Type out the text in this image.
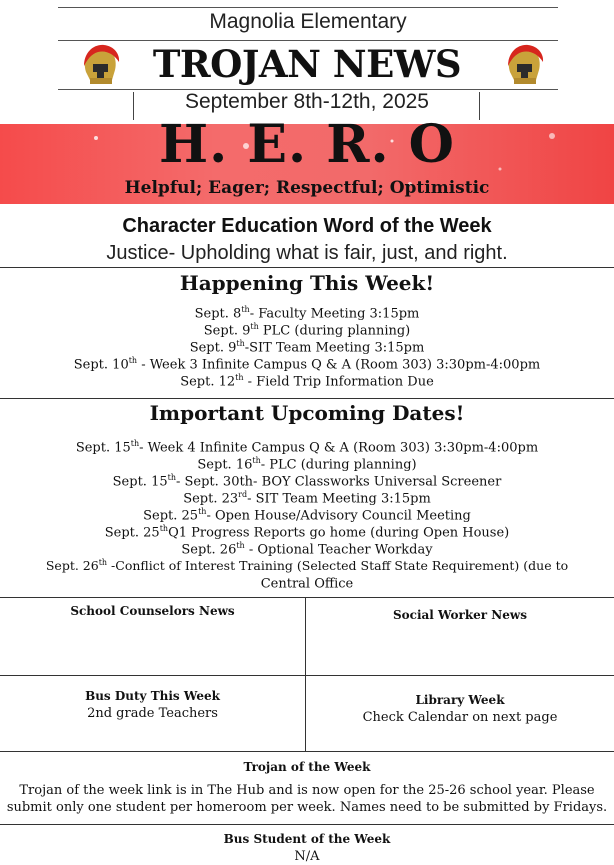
Magnolia Elementary
TROJAN NEWS
September 8th-12th, 2025
H. E. R. O
Helpful; Eager; Respectful; Optimistic
Character Education Word of the Week
Justice- Upholding what is fair, just, and right.
Happening This Week!
Sept. 8th- Faculty Meeting 3:15pm
Sept. 9th PLC (during planning)
Sept. 9th-SIT Team Meeting 3:15pm
Sept. 10th - Week 3 Infinite Campus Q & A (Room 303) 3:30pm-4:00pm
Sept. 12th - Field Trip Information Due
Important Upcoming Dates!
Sept. 15th- Week 4 Infinite Campus Q & A (Room 303) 3:30pm-4:00pm
Sept. 16th- PLC (during planning)
Sept. 15th- Sept. 30th- BOY Classworks Universal Screener
Sept. 23rd- SIT Team Meeting 3:15pm
Sept. 25th- Open House/Advisory Council Meeting
Sept. 25thQ1 Progress Reports go home (during Open House)
Sept. 26th - Optional Teacher Workday
Sept. 26th -Conflict of Interest Training (Selected Staff State Requirement) (due to
Central Office
School Counselors News	Social Worker News
Bus Duty This Week
2nd grade Teachers
Library Week
Check Calendar on next page
Trojan of the Week
Trojan of the week link is in The Hub and is now open for the 25-26 school year. Please
submit only one student per homeroom per week. Names need to be submitted by Fridays.
Bus Student of the Week
N/A
